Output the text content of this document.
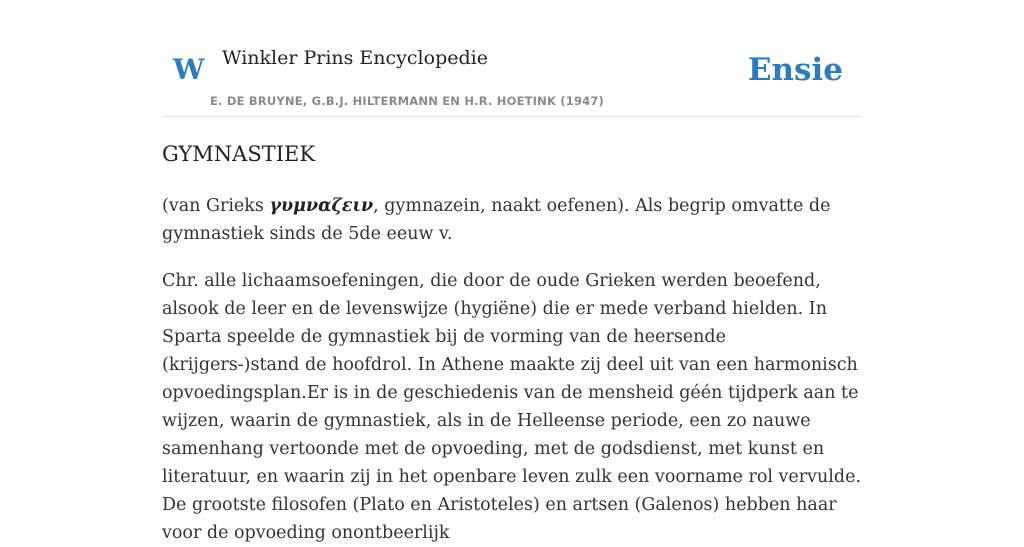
W Winkler Prins Encyclopedie	Ensie
E. DE BRUYNE, G.B.J. HILTERMANN EN H.R. HOETINK (1947)
GYMNASTIEK

(van Grieks γυμναζειν, gymnazein, naakt oefenen). Als begrip omvatte de gymnastiek sinds de 5de eeuw v.

Chr. alle lichaamsoefeningen, die door de oude Grieken werden beoefend, alsook de leer en de levenswijze (hygiëne) die er mede verband hielden. In Sparta speelde de gymnastiek bij de vorming van de heersende (krijgers-)stand de hoofdrol. In Athene maakte zij deel uit van een harmonisch opvoedingsplan.Er is in de geschiedenis van de mensheid géén tijdperk aan te wijzen, waarin de gymnastiek, als in de Helleense periode, een zo nauwe samenhang vertoonde met de opvoeding, met de godsdienst, met kunst en literatuur, en waarin zij in het openbare leven zulk een voorname rol vervulde. De grootste filosofen (Plato en Aristoteles) en artsen (Galenos) hebben haar voor de opvoeding onontbeerlijk
